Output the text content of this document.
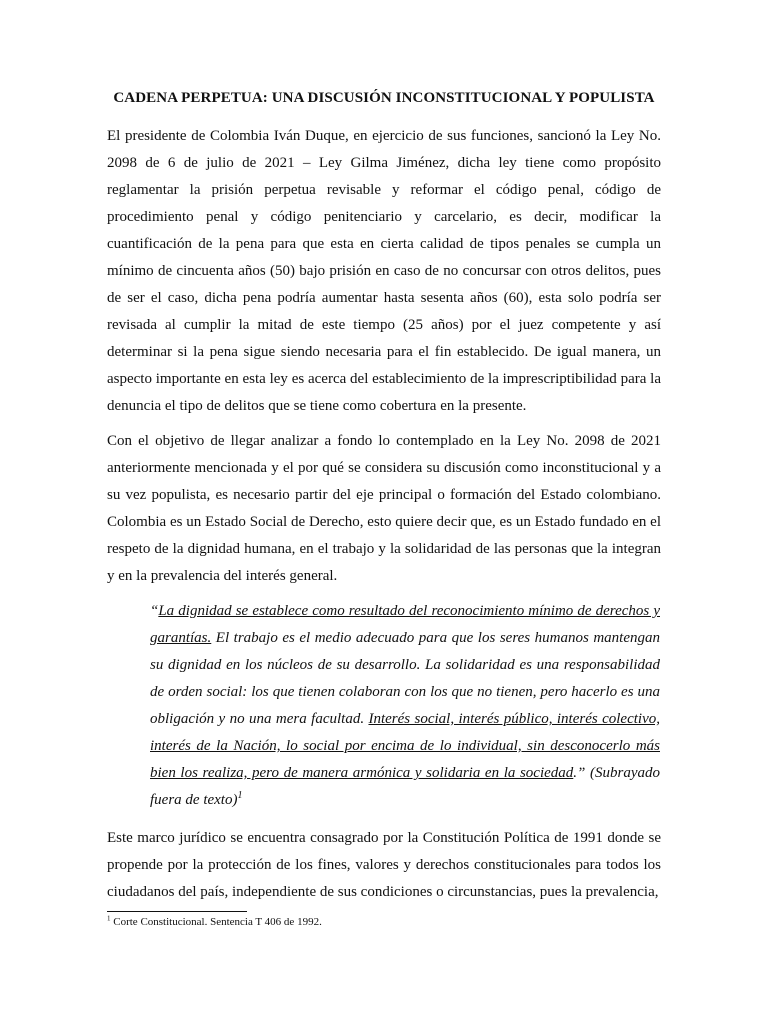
CADENA PERPETUA: UNA DISCUSIÓN INCONSTITUCIONAL Y POPULISTA

El presidente de Colombia Iván Duque, en ejercicio de sus funciones, sancionó la Ley No. 2098 de 6 de julio de 2021 – Ley Gilma Jiménez, dicha ley tiene como propósito reglamentar la prisión perpetua revisable y reformar el código penal, código de procedimiento penal y código penitenciario y carcelario, es decir, modificar la cuantificación de la pena para que esta en cierta calidad de tipos penales se cumpla un mínimo de cincuenta años (50) bajo prisión en caso de no concursar con otros delitos, pues de ser el caso, dicha pena podría aumentar hasta sesenta años (60), esta solo podría ser revisada al cumplir la mitad de este tiempo (25 años) por el juez competente y así determinar si la pena sigue siendo necesaria para el fin establecido. De igual manera, un aspecto importante en esta ley es acerca del establecimiento de la imprescriptibilidad para la denuncia el tipo de delitos que se tiene como cobertura en la presente.

Con el objetivo de llegar analizar a fondo lo contemplado en la Ley No. 2098 de 2021 anteriormente mencionada y el por qué se considera su discusión como inconstitucional y a su vez populista, es necesario partir del eje principal o formación del Estado colombiano. Colombia es un Estado Social de Derecho, esto quiere decir que, es un Estado fundado en el respeto de la dignidad humana, en el trabajo y la solidaridad de las personas que la integran y en la prevalencia del interés general.

“La dignidad se establece como resultado del reconocimiento mínimo de derechos y garantías. El trabajo es el medio adecuado para que los seres humanos mantengan su dignidad en los núcleos de su desarrollo. La solidaridad es una responsabilidad de orden social: los que tienen colaboran con los que no tienen, pero hacerlo es una obligación y no una mera facultad. Interés social, interés público, interés colectivo, interés de la Nación, lo social por encima de lo individual, sin desconocerlo más bien los realiza, pero de manera armónica y solidaria en la sociedad.” (Subrayado fuera de texto)$^1$

Este marco jurídico se encuentra consagrado por la Constitución Política de 1991 donde se propende por la protección de los fines, valores y derechos constitucionales para todos los ciudadanos del país, independiente de sus condiciones o circunstancias, pues la prevalencia,

$^1$ Corte Constitucional. Sentencia T 406 de 1992.
